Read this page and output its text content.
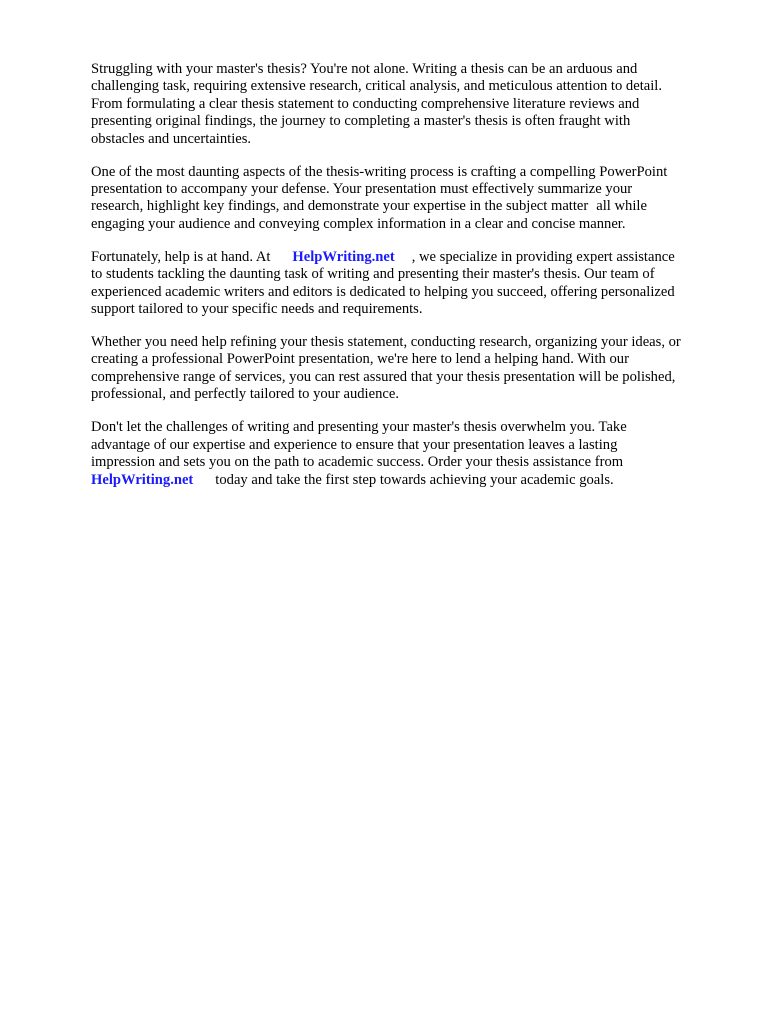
Struggling with your master's thesis? You're not alone. Writing a thesis can be an arduous and
challenging task, requiring extensive research, critical analysis, and meticulous attention to detail.
From formulating a clear thesis statement to conducting comprehensive literature reviews and
presenting original findings, the journey to completing a master's thesis is often fraught with
obstacles and uncertainties.

One of the most daunting aspects of the thesis-writing process is crafting a compelling PowerPoint
presentation to accompany your defense. Your presentation must effectively summarize your
research, highlight key findings, and demonstrate your expertise in the subject matter all while
engaging your audience and conveying complex information in a clear and concise manner.

Fortunately, help is at hand. At HelpWriting.net , we specialize in providing expert assistance
to students tackling the daunting task of writing and presenting their master's thesis. Our team of
experienced academic writers and editors is dedicated to helping you succeed, offering personalized
support tailored to your specific needs and requirements.

Whether you need help refining your thesis statement, conducting research, organizing your ideas, or
creating a professional PowerPoint presentation, we're here to lend a helping hand. With our
comprehensive range of services, you can rest assured that your thesis presentation will be polished,
professional, and perfectly tailored to your audience.

Don't let the challenges of writing and presenting your master's thesis overwhelm you. Take
advantage of our expertise and experience to ensure that your presentation leaves a lasting
impression and sets you on the path to academic success. Order your thesis assistance from
HelpWriting.net today and take the first step towards achieving your academic goals.
